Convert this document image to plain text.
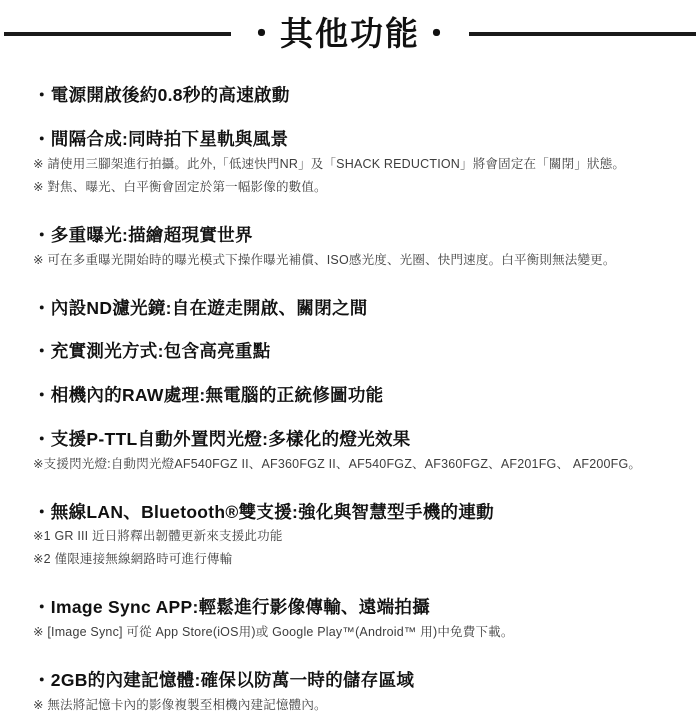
・其他功能・
・電源開啟後約0.8秒的高速啟動
・間隔合成:同時拍下星軌與風景

※ 請使用三腳架進行拍攝。此外,「低速快門NR」及「SHACK REDUCTION」將會固定在「關閉」狀態。

※ 對焦、曝光、白平衡會固定於第一幅影像的數值。

・多重曝光:描繪超現實世界

※ 可在多重曝光開始時的曝光模式下操作曝光補償、ISO感光度、光圈、快門速度。白平衡則無法變更。

・內設ND濾光鏡:自在遊走開啟、關閉之間
・充實測光方式:包含高亮重點
・相機內的RAW處理:無電腦的正統修圖功能
・支援P-TTL自動外置閃光燈:多樣化的燈光效果

※支援閃光燈:自動閃光燈AF540FGZ II、AF360FGZ II、AF540FGZ、AF360FGZ、AF201FG、 AF200FG。

・無線LAN、Bluetooth®雙支援:強化與智慧型手機的連動

※1 GR III 近日將釋出韌體更新來支援此功能

※2 僅限連接無線網路時可進行傳輸

・Image Sync APP:輕鬆進行影像傳輸、遠端拍攝

※ [Image Sync] 可從 App Store(iOS用)或 Google Play™(Android™ 用)中免費下載。

・2GB的內建記憶體:確保以防萬一時的儲存區域

※ 無法將記憶卡內的影像複製至相機內建記憶體內。
